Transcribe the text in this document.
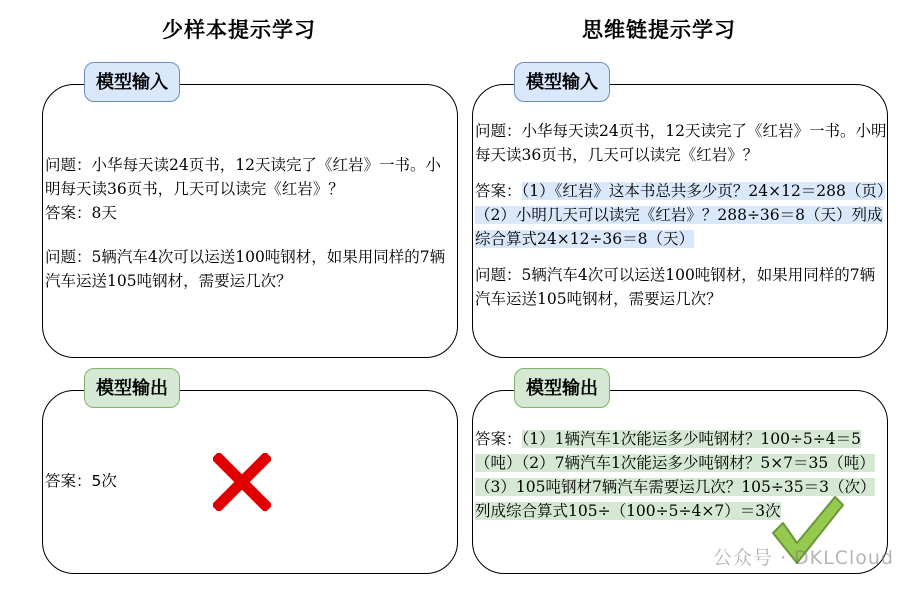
少样本提示学习	思维链提示学习

问题：小华每天读24页书，12天读完了《红岩》一书。小明每天读36页书，几天可以读完《红岩》？

答案：8天

问题：5辆汽车4次可以运送100吨钢材，如果用同样的7辆汽车运送105吨钢材，需要运几次？

模型输入
答案：5次
模型输出

问题：小华每天读24页书，12天读完了《红岩》一书。小明每天读36页书，几天可以读完《红岩》？

答案：（1）《红岩》这本书总共多少页？24×12＝288（页）（2）小明几天可以读完《红岩》？288÷36＝8（天）列成综合算式24×12÷36＝8（天）

问题：5辆汽车4次可以运送100吨钢材，如果用同样的7辆汽车运送105吨钢材，需要运几次？

模型输入

答案：（1）1辆汽车1次能运多少吨钢材？100÷5÷4＝5（吨）（2）7辆汽车1次能运多少吨钢材？5×7＝35（吨）（3）105吨钢材7辆汽车需要运几次？105÷35＝3（次）列成综合算式105÷（100÷5÷4×7）＝3次

模型输出
公众号 · DKLCloud
